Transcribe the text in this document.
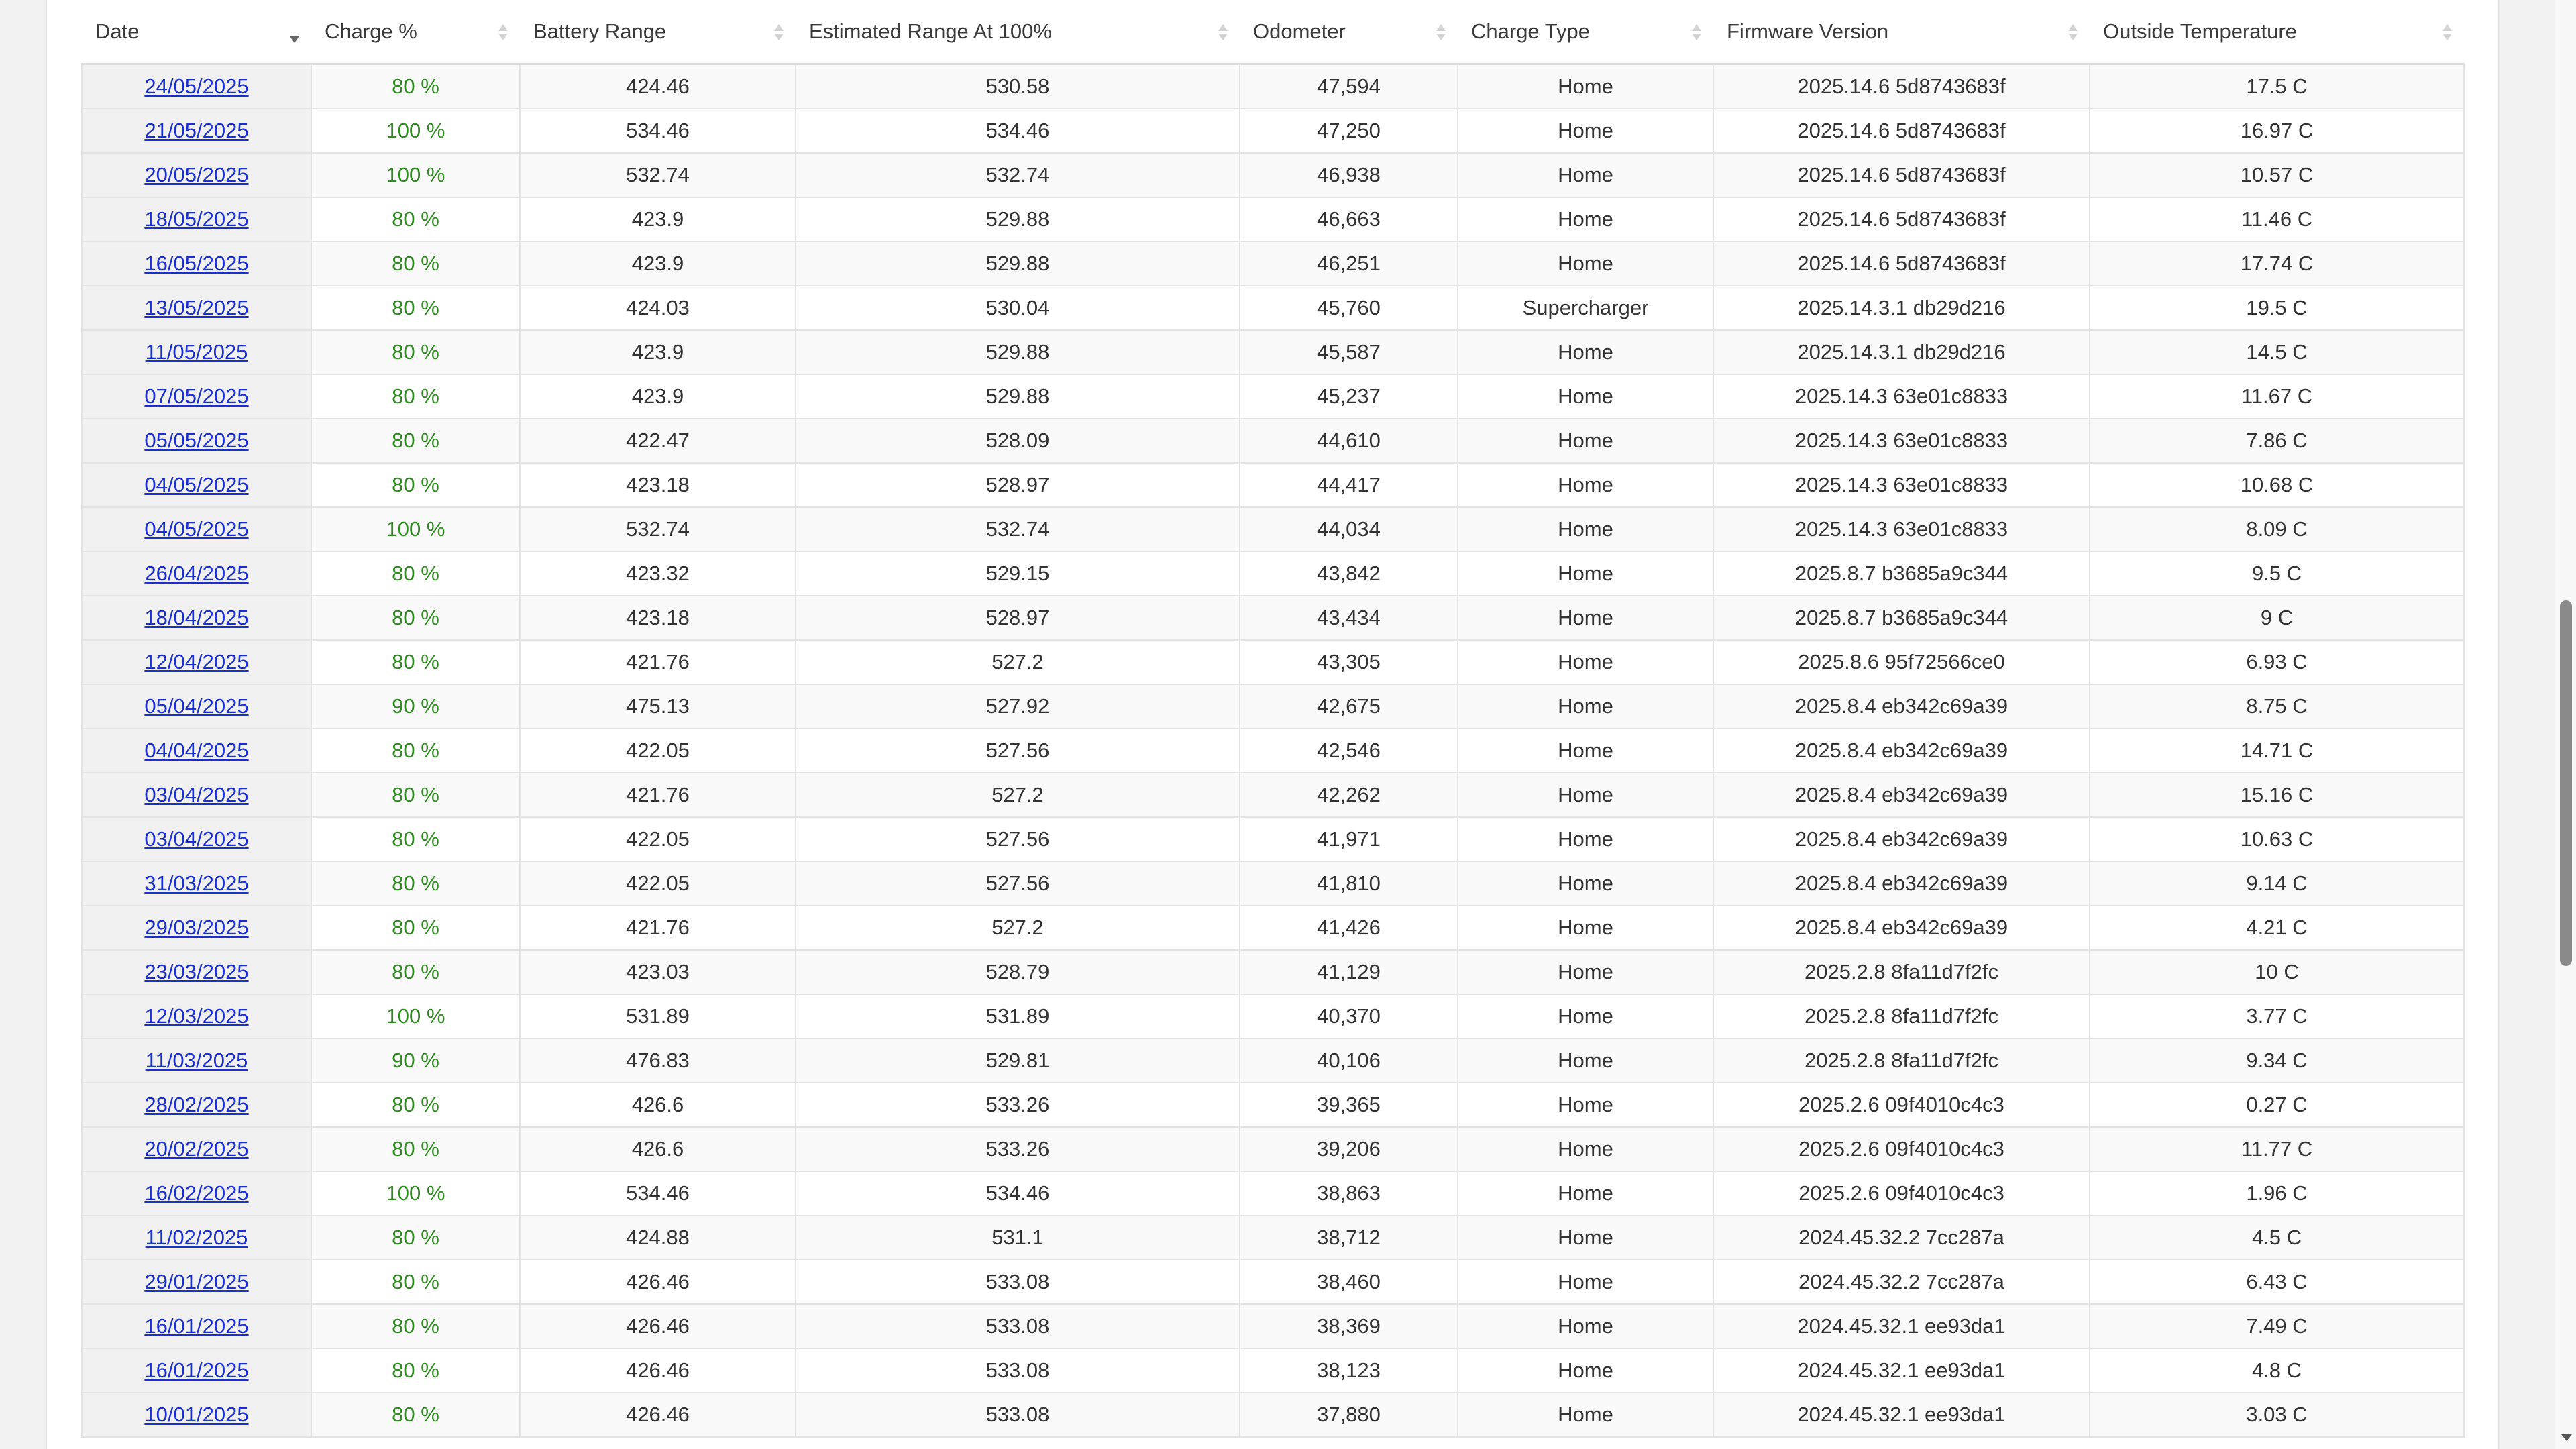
Date	Charge %	Battery Range	Estimated Range At 100%	Odometer	Charge Type	Firmware Version	Outside Temperature

24/05/2025	80 %	424.46	530.58	47,594	Home	2025.14.6 5d8743683f	17.5 C
21/05/2025	100 %	534.46	534.46	47,250	Home	2025.14.6 5d8743683f	16.97 C
20/05/2025	100 %	532.74	532.74	46,938	Home	2025.14.6 5d8743683f	10.57 C
18/05/2025	80 %	423.9	529.88	46,663	Home	2025.14.6 5d8743683f	11.46 C
16/05/2025	80 %	423.9	529.88	46,251	Home	2025.14.6 5d8743683f	17.74 C
13/05/2025	80 %	424.03	530.04	45,760	Supercharger	2025.14.3.1 db29d216	19.5 C
11/05/2025	80 %	423.9	529.88	45,587	Home	2025.14.3.1 db29d216	14.5 C
07/05/2025	80 %	423.9	529.88	45,237	Home	2025.14.3 63e01c8833	11.67 C
05/05/2025	80 %	422.47	528.09	44,610	Home	2025.14.3 63e01c8833	7.86 C
04/05/2025	80 %	423.18	528.97	44,417	Home	2025.14.3 63e01c8833	10.68 C
04/05/2025	100 %	532.74	532.74	44,034	Home	2025.14.3 63e01c8833	8.09 C
26/04/2025	80 %	423.32	529.15	43,842	Home	2025.8.7 b3685a9c344	9.5 C
18/04/2025	80 %	423.18	528.97	43,434	Home	2025.8.7 b3685a9c344	9 C
12/04/2025	80 %	421.76	527.2	43,305	Home	2025.8.6 95f72566ce0	6.93 C
05/04/2025	90 %	475.13	527.92	42,675	Home	2025.8.4 eb342c69a39	8.75 C
04/04/2025	80 %	422.05	527.56	42,546	Home	2025.8.4 eb342c69a39	14.71 C
03/04/2025	80 %	421.76	527.2	42,262	Home	2025.8.4 eb342c69a39	15.16 C
03/04/2025	80 %	422.05	527.56	41,971	Home	2025.8.4 eb342c69a39	10.63 C
31/03/2025	80 %	422.05	527.56	41,810	Home	2025.8.4 eb342c69a39	9.14 C
29/03/2025	80 %	421.76	527.2	41,426	Home	2025.8.4 eb342c69a39	4.21 C
23/03/2025	80 %	423.03	528.79	41,129	Home	2025.2.8 8fa11d7f2fc	10 C
12/03/2025	100 %	531.89	531.89	40,370	Home	2025.2.8 8fa11d7f2fc	3.77 C
11/03/2025	90 %	476.83	529.81	40,106	Home	2025.2.8 8fa11d7f2fc	9.34 C
28/02/2025	80 %	426.6	533.26	39,365	Home	2025.2.6 09f4010c4c3	0.27 C
20/02/2025	80 %	426.6	533.26	39,206	Home	2025.2.6 09f4010c4c3	11.77 C
16/02/2025	100 %	534.46	534.46	38,863	Home	2025.2.6 09f4010c4c3	1.96 C
11/02/2025	80 %	424.88	531.1	38,712	Home	2024.45.32.2 7cc287a	4.5 C
29/01/2025	80 %	426.46	533.08	38,460	Home	2024.45.32.2 7cc287a	6.43 C
16/01/2025	80 %	426.46	533.08	38,369	Home	2024.45.32.1 ee93da1	7.49 C
16/01/2025	80 %	426.46	533.08	38,123	Home	2024.45.32.1 ee93da1	4.8 C
10/01/2025	80 %	426.46	533.08	37,880	Home	2024.45.32.1 ee93da1	3.03 C
